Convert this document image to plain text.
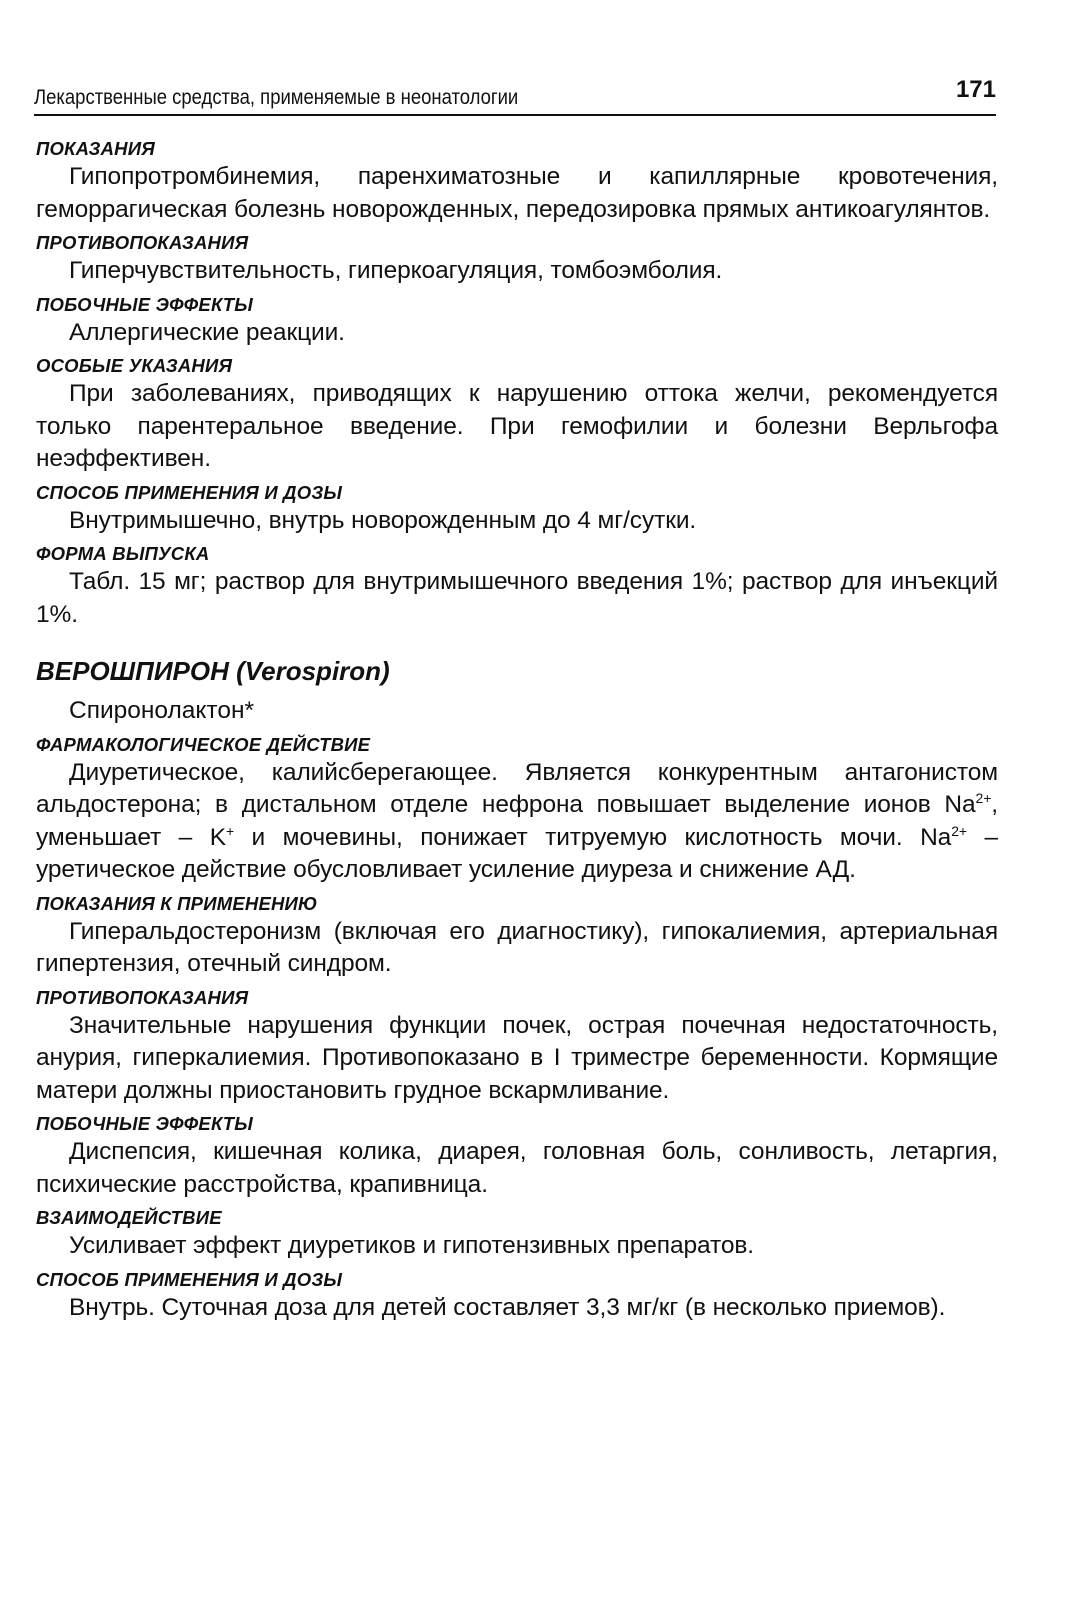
Лекарственные средства, применяемые в неонатологии	171

ПОКАЗАНИЯ

Гипопротромбинемия, паренхиматозные и капиллярные кровотечения, геморрагическая болезнь новорожденных, передозировка прямых антикоагулянтов.

ПРОТИВОПОКАЗАНИЯ

Гиперчувствительность, гиперкоагуляция, томбоэмболия.

ПОБОЧНЫЕ ЭФФЕКТЫ

Аллергические реакции.

ОСОБЫЕ УКАЗАНИЯ

При заболеваниях, приводящих к нарушению оттока желчи, рекомендуется только парентеральное введение. При гемофилии и болезни Верльгофа неэффективен.

СПОСОБ ПРИМЕНЕНИЯ И ДОЗЫ

Внутримышечно, внутрь новорожденным до 4 мг/сутки.

ФОРМА ВЫПУСКА

Табл. 15 мг; раствор для внутримышечного введения 1%; раствор для инъекций 1%.

ВЕРОШПИРОН (Verospiron)

Спиронолактон*

ФАРМАКОЛОГИЧЕСКОЕ ДЕЙСТВИЕ

Диуретическое, калийсберегающее. Является конкурентным антагонистом альдостерона; в дистальном отделе нефрона повышает выделение ионов $Na^{2+}$, уменьшает – K+ и мочевины, понижает титруемую кислотность мочи. $Na^{2+}$ – уретическое действие обусловливает усиление диуреза и снижение АД.

ПОКАЗАНИЯ К ПРИМЕНЕНИЮ

Гиперальдостеронизм (включая его диагностику), гипокалиемия, артериальная гипертензия, отечный синдром.

ПРОТИВОПОКАЗАНИЯ

Значительные нарушения функции почек, острая почечная недостаточность, анурия, гиперкалиемия. Противопоказано в I триместре беременности. Кормящие матери должны приостановить грудное вскармливание.

ПОБОЧНЫЕ ЭФФЕКТЫ

Диспепсия, кишечная колика, диарея, головная боль, сонливость, летаргия, психические расстройства, крапивница.

ВЗАИМОДЕЙСТВИЕ

Усиливает эффект диуретиков и гипотензивных препаратов.

СПОСОБ ПРИМЕНЕНИЯ И ДОЗЫ

Внутрь. Суточная доза для детей составляет 3,3 мг/кг (в несколько приемов).
